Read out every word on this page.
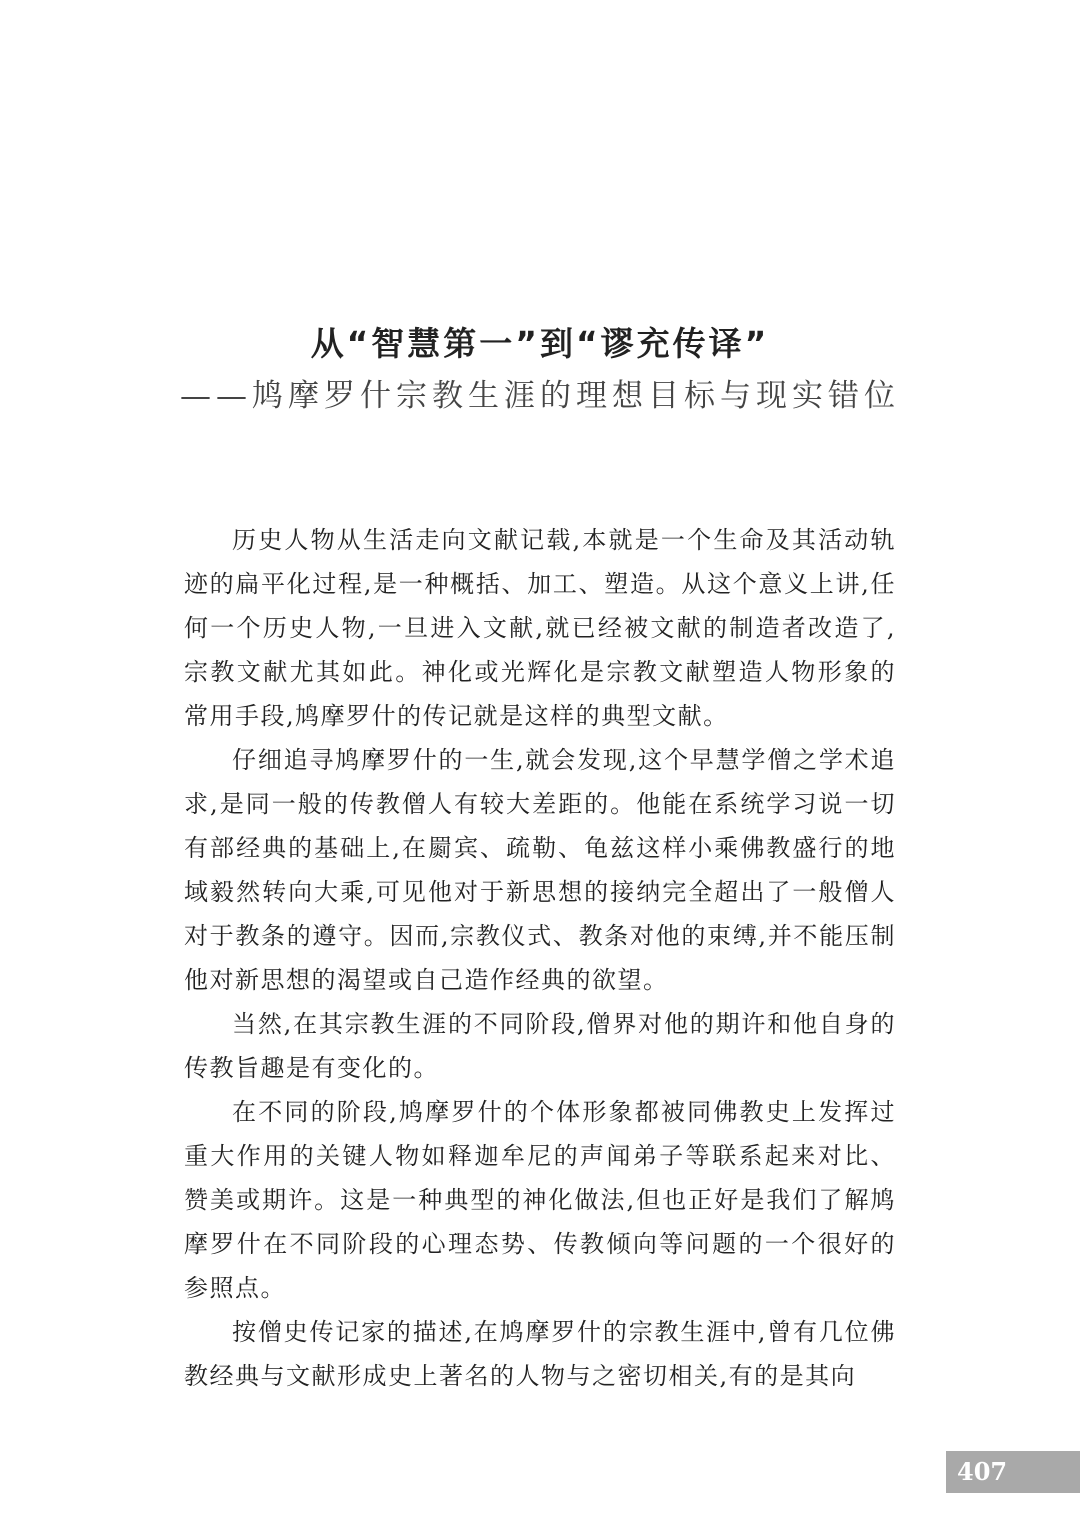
从“智慧第一”到“谬充传译”
——鸠摩罗什宗教生涯的理想目标与现实错位

历史人物从生活走向文献记载,本就是一个生命及其活动轨迹的扁平化过程,是一种概括、加工、塑造。从这个意义上讲,任何一个历史人物,一旦进入文献,就已经被文献的制造者改造了,宗教文献尤其如此。神化或光辉化是宗教文献塑造人物形象的常用手段,鸠摩罗什的传记就是这样的典型文献。

仔细追寻鸠摩罗什的一生,就会发现,这个早慧学僧之学术追求,是同一般的传教僧人有较大差距的。他能在系统学习说一切有部经典的基础上,在罽宾、疏勒、龟兹这样小乘佛教盛行的地域毅然转向大乘,可见他对于新思想的接纳完全超出了一般僧人对于教条的遵守。因而,宗教仪式、教条对他的束缚,并不能压制他对新思想的渴望或自己造作经典的欲望。

当然,在其宗教生涯的不同阶段,僧界对他的期许和他自身的传教旨趣是有变化的。

在不同的阶段,鸠摩罗什的个体形象都被同佛教史上发挥过重大作用的关键人物如释迦牟尼的声闻弟子等联系起来对比、赞美或期许。这是一种典型的神化做法,但也正好是我们了解鸠摩罗什在不同阶段的心理态势、传教倾向等问题的一个很好的参照点。

按僧史传记家的描述,在鸠摩罗什的宗教生涯中,曾有几位佛教经典与文献形成史上著名的人物与之密切相关,有的是其向

407
